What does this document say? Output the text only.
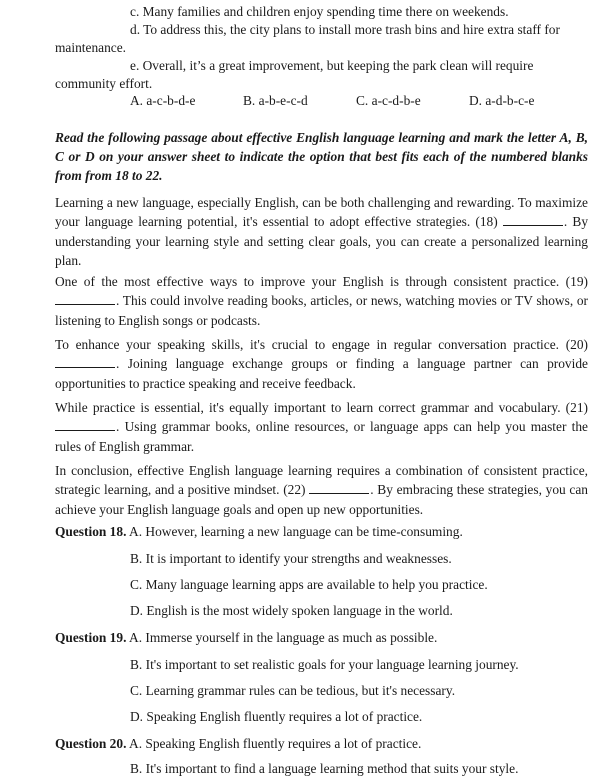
c. Many families and children enjoy spending time there on weekends.
d. To address this, the city plans to install more trash bins and hire extra staff for
maintenance.
e. Overall, it’s a great improvement, but keeping the park clean will require
community effort.
A. a-c-b-d-e	B. a-b-e-c-d	C. a-c-d-b-e	D. a-d-b-c-e
Read the following passage about effective English language learning and mark the letter A, B, C or D on your answer sheet to indicate the option that best fits each of the numbered blanks from from 18 to 22.
Learning a new language, especially English, can be both challenging and rewarding. To maximize your language learning potential, it's essential to adopt effective strategies. (18)	. By understanding your learning style and setting clear goals, you can create a personalized learning plan.
One of the most effective ways to improve your English is through consistent practice. (19) . This could involve reading books, articles, or news, watching movies or TV shows, or listening to English songs or podcasts.
To enhance your speaking skills, it's crucial to engage in regular conversation practice. (20) . Joining language exchange groups or finding a language partner can provide opportunities to practice speaking and receive feedback.
While practice is essential, it's equally important to learn correct grammar and vocabulary. (21) . Using grammar books, online resources, or language apps can help you master the rules of English grammar.
In conclusion, effective English language learning requires a combination of consistent practice, strategic learning, and a positive mindset. (22)	. By embracing these strategies, you can achieve your English language goals and open up new opportunities.
Question 18. A. However, learning a new language can be time-consuming.
B. It is important to identify your strengths and weaknesses.
C. Many language learning apps are available to help you practice.
D. English is the most widely spoken language in the world.
Question 19. A. Immerse yourself in the language as much as possible.
B. It's important to set realistic goals for your language learning journey.
C. Learning grammar rules can be tedious, but it's necessary.
D. Speaking English fluently requires a lot of practice.
Question 20. A. Speaking English fluently requires a lot of practice.
B. It's important to find a language learning method that suits your style.
